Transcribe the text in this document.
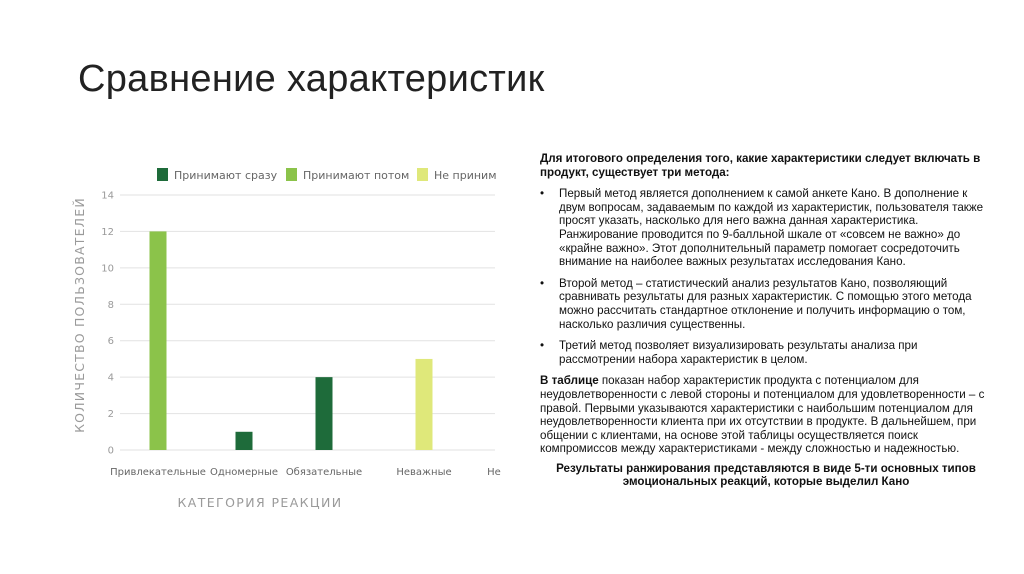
Сравнение характеристик
0
2
4
6
8
10
12
14
Привлекательные Одномерные Обязательные	Неважные	Не
Принимают сразу Принимают потом Не приним
КОЛИЧЕСТВО ПОЛЬЗОВАТЕЛЕЙ
КАТЕГОРИЯ РЕАКЦИИ

Для итогового определения того, какие характеристики следует включать в продукт, существует три метода:

• Первый метод является дополнением к самой анкете Кано. В дополнение к двум вопросам, задаваемым по каждой из характеристик, пользователя также просят указать, насколько для него важна данная характеристика. Ранжирование проводится по 9-балльной шкале от «совсем не важно» до «крайне важно». Этот дополнительный параметр помогает сосредоточить внимание на наиболее важных результатах исследования Кано.
• Второй метод – статистический анализ результатов Кано, позволяющий сравнивать результаты для разных характеристик. С помощью этого метода можно рассчитать стандартное отклонение и получить информацию о том, насколько различия существенны.
• Третий метод позволяет визуализировать результаты анализа при рассмотрении набора характеристик в целом.

В таблице показан набор характеристик продукта с потенциалом для неудовлетворенности с левой стороны и потенциалом для удовлетворенности – с правой. Первыми указываются характеристики с наибольшим потенциалом для неудовлетворенности клиента при их отсутствии в продукте. В дальнейшем, при общении с клиентами, на основе этой таблицы осуществляется поиск компромиссов между характеристиками - между сложностью и надежностью.

Результаты ранжирования представляются в виде 5-ти основных типов эмоциональных реакций, которые выделил Кано
